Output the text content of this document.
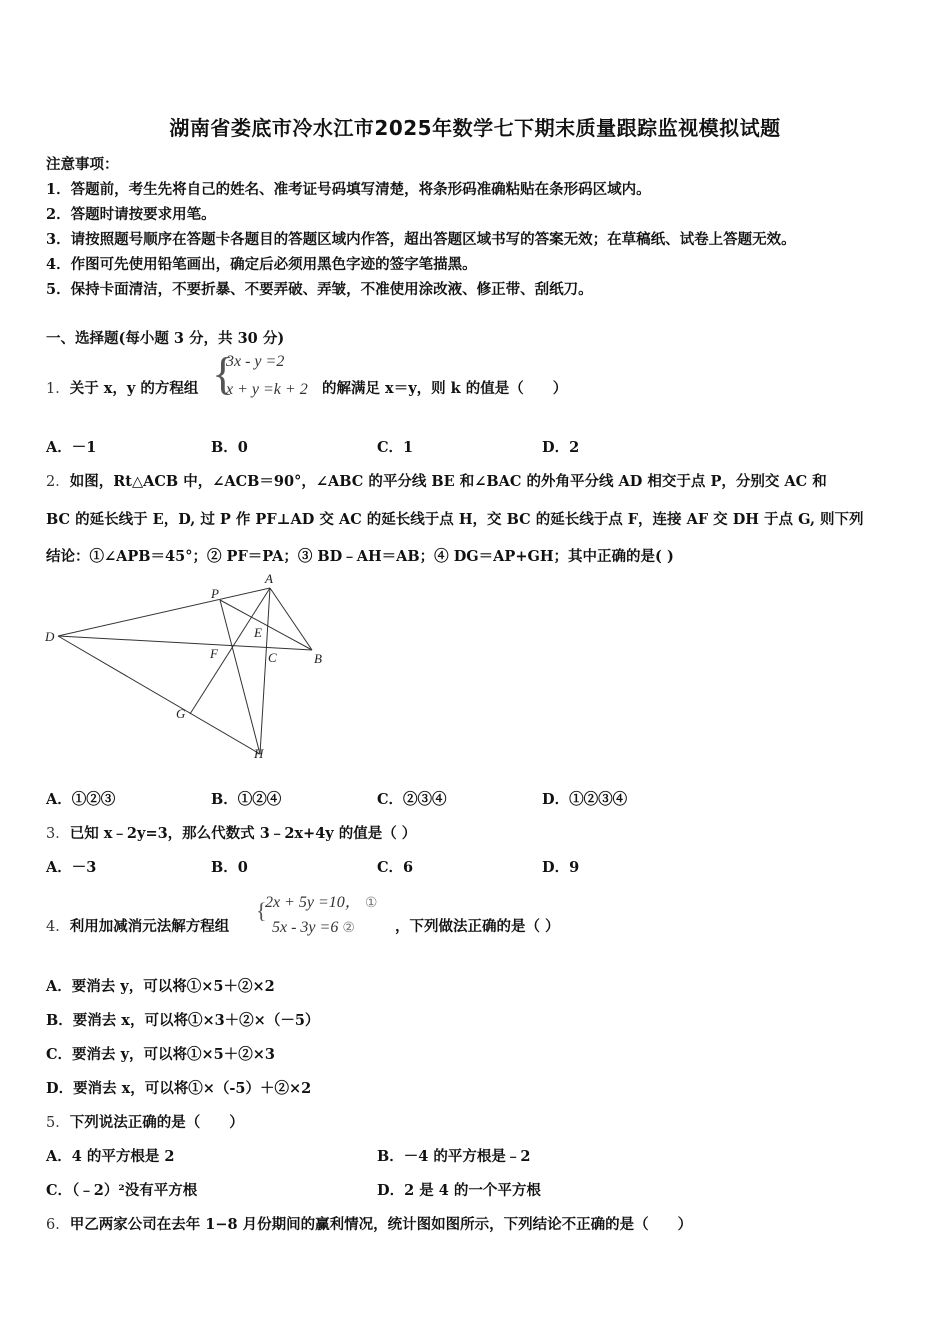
湖南省娄底市冷水江市2025年数学七下期末质量跟踪监视模拟试题
注意事项：
1．答题前，考生先将自己的姓名、准考证号码填写清楚，将条形码准确粘贴在条形码区域内。
2．答题时请按要求用笔。
3．请按照题号顺序在答题卡各题目的答题区域内作答，超出答题区域书写的答案无效；在草稿纸、试卷上答题无效。
4．作图可先使用铅笔画出，确定后必须用黑色字迹的签字笔描黑。
5．保持卡面清洁，不要折暴、不要弄破、弄皱，不准使用涂改液、修正带、刮纸刀。
一、选择题(每小题 3 分，共 30 分)
1．关于 x，y 的方程组 {
3x - y =2
x + y =k + 2 的解满足 x＝y，则 k 的值是（　　）
A．－1	B．0	C．1	D．2
2．如图，Rt△ACB 中，∠ACB＝90°，∠ABC 的平分线 BE 和∠BAC 的外角平分线 AD 相交于点 P，分别交 AC 和
BC 的延长线于 E，D, 过 P 作 PF⊥AD 交 AC 的延长线于点 H，交 BC 的延长线于点 F，连接 AF 交 DH 于点 G, 则下列
结论：①∠APB＝45°；② PF＝PA；③ BD﹣AH＝AB；④ DG＝AP+GH；其中正确的是( )
A
P
D	E
F	C	B
G
H
A．①②③	B．①②④	C．②③④	D．①②③④
3．已知 x﹣2y=3，那么代数式 3﹣2x+4y 的值是（ ）
A．－3	B．0	C．6	D．9
4．利用加减消元法解方程组
{
2x + 5y =10， ①
5x - 3y =6 ②	，下列做法正确的是（ ）
A．要消去 y，可以将①×5＋②×2
B．要消去 x，可以将①×3＋②×（－5）
C．要消去 y，可以将①×5＋②×3
D．要消去 x，可以将①×（-5）＋②×2
5．下列说法正确的是（　　）
A．4 的平方根是 2	B．－4 的平方根是﹣2
C．（﹣2）²没有平方根	D．2 是 4 的一个平方根
6．甲乙两家公司在去年 1−8 月份期间的赢利情况，统计图如图所示，下列结论不正确的是（　　）
